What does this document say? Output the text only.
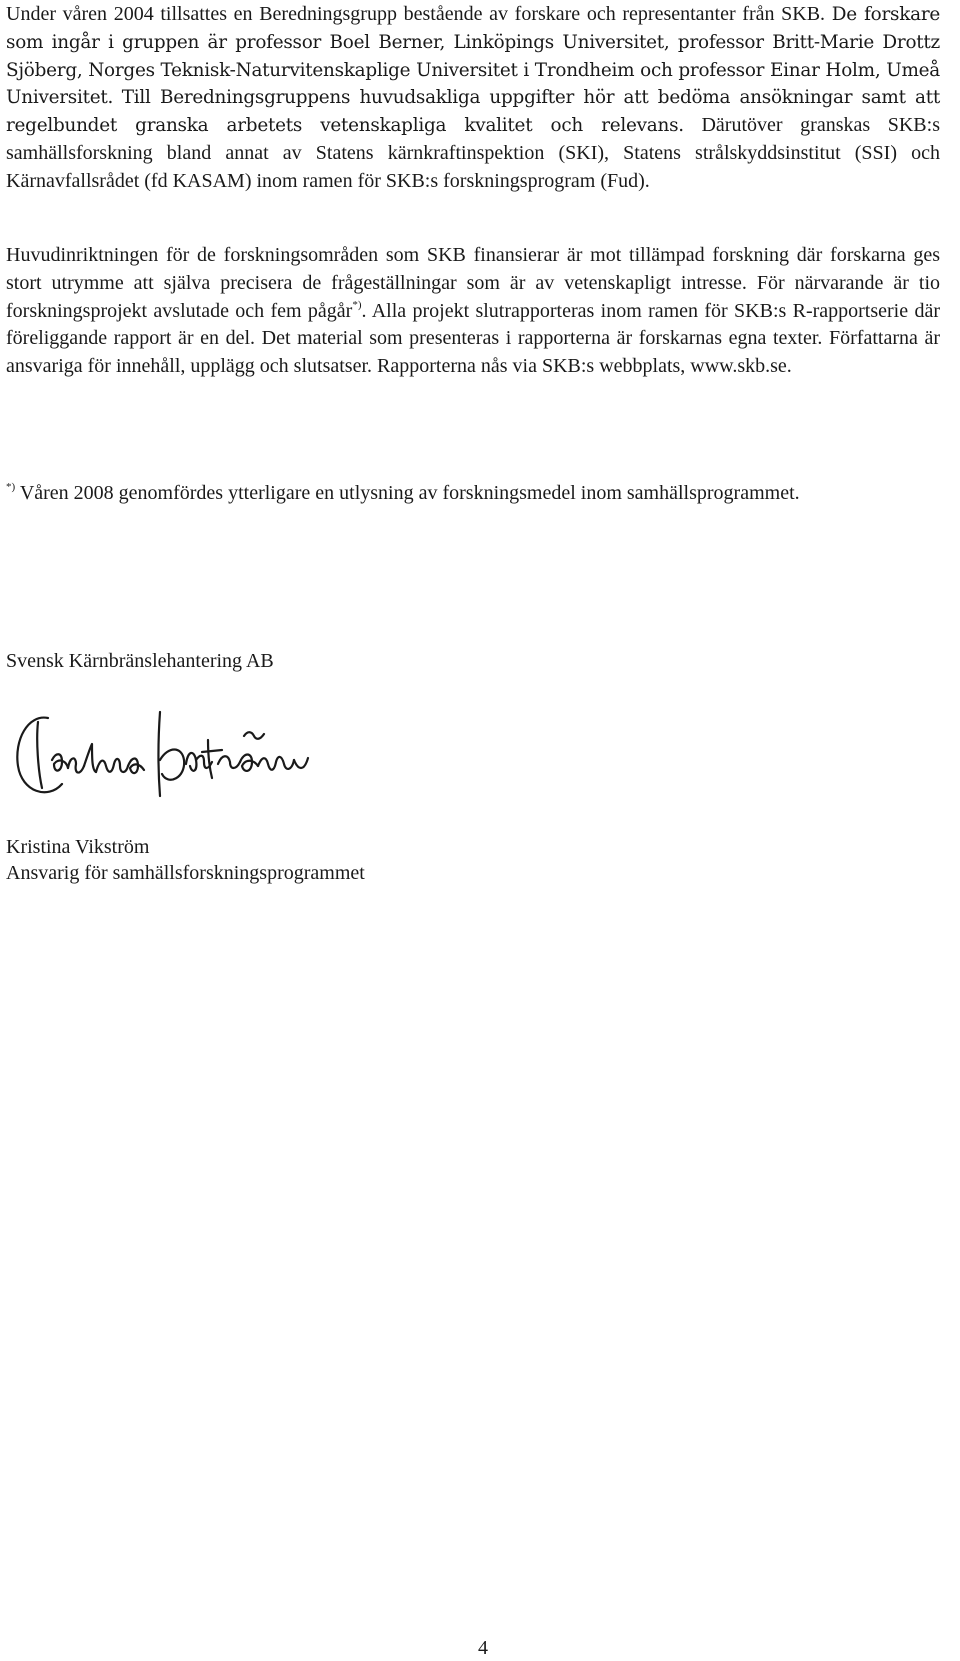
Under våren 2004 tillsattes en Beredningsgrupp bestående av forskare och representanter från SKB. De forskare som ingår i gruppen är professor Boel Berner, Linköpings Universitet, professor Britt-Marie Drottz Sjöberg, Norges Teknisk-Naturvitenskaplige Universitet i Trondheim och professor Einar Holm, Umeå Universitet. Till Beredningsgruppens huvudsakliga uppgifter hör att bedöma ansökningar samt att regelbundet granska arbetets vetenskapliga kvalitet och relevans. Därutöver granskas SKB:s samhällsforskning bland annat av Statens kärnkraftinspektion (SKI), Statens strålskyddsinstitut (SSI) och Kärnavfallsrådet (fd KASAM) inom ramen för SKB:s forskningsprogram (Fud).

Huvudinriktningen för de forskningsområden som SKB finansierar är mot tillämpad forskning där forskarna ges stort utrymme att själva precisera de frågeställningar som är av vetenskapligt intresse. För närvarande är tio forskningsprojekt avslutade och fem pågår*). Alla projekt slutrapporteras inom ramen för SKB:s R-rapportserie där föreliggande rapport är en del. Det material som presenteras i rapporterna är forskarnas egna texter. Författarna är ansvariga för innehåll, upplägg och slutsatser. Rapporterna nås via SKB:s webbplats, www.skb.se.

*) Våren 2008 genomfördes ytterligare en utlysning av forskningsmedel inom samhällsprogrammet.

Svensk Kärnbränslehantering AB
Kristina Vikström
Kristina Vikström
Ansvarig för samhällsforskningsprogrammet
4
